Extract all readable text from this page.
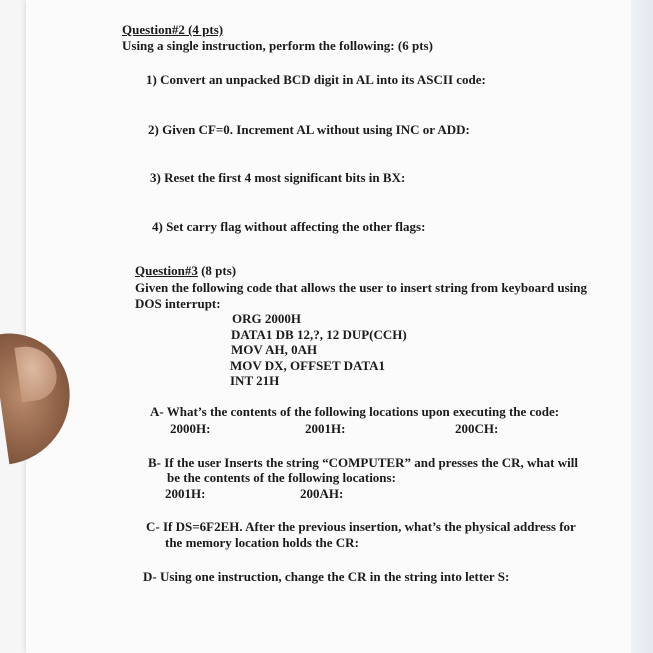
Question#2 (4 pts)
Using a single instruction, perform the following: (6 pts)
1) Convert an unpacked BCD digit in AL into its ASCII code:
2) Given CF=0. Increment AL without using INC or ADD:
3) Reset the first 4 most significant bits in BX:
4) Set carry flag without affecting the other flags:
Question#3 (8 pts)
Given the following code that allows the user to insert string from keyboard using
DOS interrupt:
ORG 2000H
DATA1 DB 12,?, 12 DUP(CCH)
MOV AH, 0AH
MOV DX, OFFSET DATA1
INT 21H
A- What’s the contents of the following locations upon executing the code:
2000H:	2001H:	200CH:
B- If the user Inserts the string “COMPUTER” and presses the CR, what will
be the contents of the following locations:
2001H:	200AH:
C- If DS=6F2EH. After the previous insertion, what’s the physical address for
the memory location holds the CR:
D- Using one instruction, change the CR in the string into letter S:
